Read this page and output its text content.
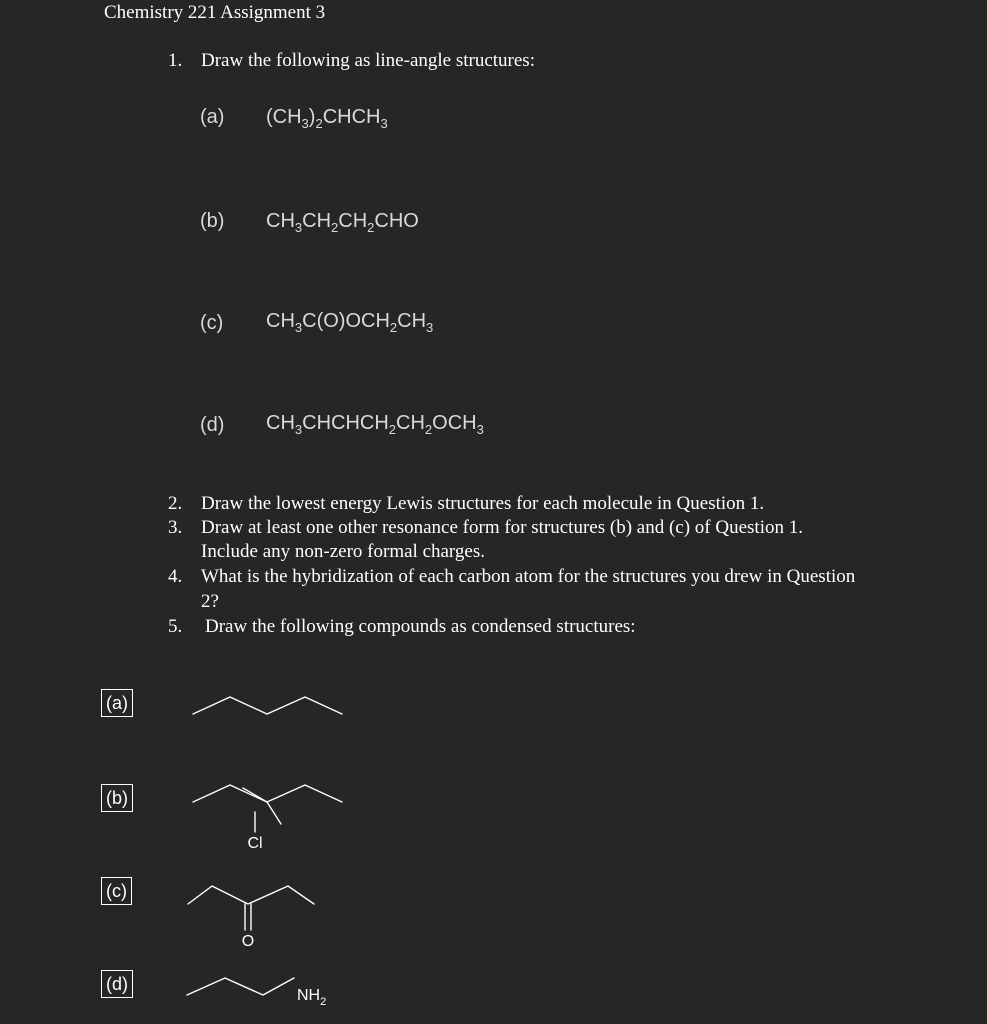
Chemistry 221 Assignment 3
1. Draw the following as line-angle structures:
(a) $(CH_3)_2CHCH_3$
(b) $CH_3CH_2CH_2CHO$
(c) $CH_3C(O)OCH_2CH_3$
(d) $CH_3CHCHCH_2CH_2OCH_3$
2. Draw the lowest energy Lewis structures for each molecule in Question 1.
3. Draw at least one other resonance form for structures (b) and (c) of Question 1.
Include any non-zero formal charges.
4. What is the hybridization of each carbon atom for the structures you drew in Question
2?
5. Draw the following compounds as condensed structures:
(a)
(b)
(c)
(d)
Cl
O
$NH_2$
